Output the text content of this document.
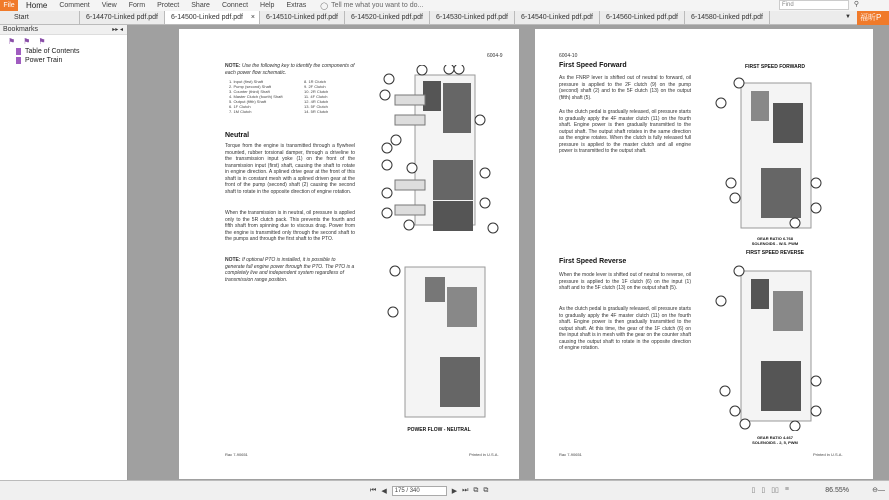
File	Home Comment View Form Protect Share Connect Help Extras ◯ Tell me what you want to do...	Find	⚲
Start	6-14470-Linked pdf.pdf	6-14500-Linked pdf.pdf ×	6-14510-Linked pdf.pdf	6-14520-Linked pdf.pdf	6-14530-Linked pdf.pdf	6-14540-Linked pdf.pdf	6-14560-Linked pdf.pdf	6-14580-Linked pdf.pdf	▼	福昕P
Bookmarks	▸▸ ◂
⚑ ⚑ ⚑
Table of Contents
Power Train
6004-9
NOTE: Use the following key to identify the components of each power flow schematic.
1. Input (first) Shaft
2. Pump (second) Shaft
3. Counter (third) Shaft
4. Master Clutch (fourth) Shaft
5. Output (fifth) Shaft
6. 1F Clutch
7. 1M Clutch
8. 1R Clutch
9. 2F Clutch
10. 2R Clutch
11. 4F Clutch
12. 4R Clutch
13. 5F Clutch
14. 5R Clutch
Neutral
Torque from the engine is transmitted through a flywheel mounted, rubber torsional damper, through a driveline to the transmission input yoke (1) on the front of the transmission input (first) shaft, causing the shaft to rotate in engine direction. A splined drive gear at the front of this shaft is in constant mesh with a splined driven gear at the front of the pump (second) shaft (2) causing the second shaft to rotate in the opposite direction of engine rotation.
When the transmission is in neutral, oil pressure is applied only to the 5R clutch pack. This prevents the fourth and fifth shaft from spinning due to viscous drag. Power from the engine is transmitted only through the second shaft to the pumps and through the first shaft to the PTO.
NOTE: If optional PTO is installed, it is possible to generate full engine power through the PTO. The PTO is a completely live and independent system regardless of transmission range position.
POWER FLOW - NEUTRAL
Rac 7-90651	Printed in U.S.A.
6004-10
First Speed Forward
As the FNRP lever is shifted out of neutral to forward, oil pressure is applied to the 2F clutch (9) on the pump (second) shaft (2) and to the 5F clutch (13) on the output (fifth) shaft (5).
As the clutch pedal is gradually released, oil pressure starts to gradually apply the 4F master clutch (11) on the fourth shaft. Engine power is then gradually transmitted to the output shaft. The output shaft rotates in the same direction as the engine rotates. When the clutch is fully released full pressure is applied to the master clutch and all engine power is transmitted to the output shaft.
FIRST SPEED FORWARD
GEAR RATIO 6.768
SOLENOIDS - W.S. PWM
FIRST SPEED REVERSE
First Speed Reverse
When the mode lever is shifted out of neutral to reverse, oil pressure is applied to the 1F clutch (6) on the input (1) shaft and to the 5F clutch (13) on the output shaft (5).
As the clutch pedal is gradually released, oil pressure starts to gradually apply the 4F master clutch (11) on the fourth shaft. Engine power is then gradually transmitted to the output shaft. At this time, the gear of the 1F clutch (6) on the input shaft is in mesh with the gear on the counter shaft causing the output shaft to rotate in the opposite direction of engine rotation.
GEAR RATIO 4.467
SOLENOIDS - 2, 5, PWM
Rac 7-90651	Printed in U.S.A.
⏮ ◀	175 / 340	▶ ⏭ ⧉ ⧉	▯ ▯ ▯▯ ≡	86.55%	⊖—
